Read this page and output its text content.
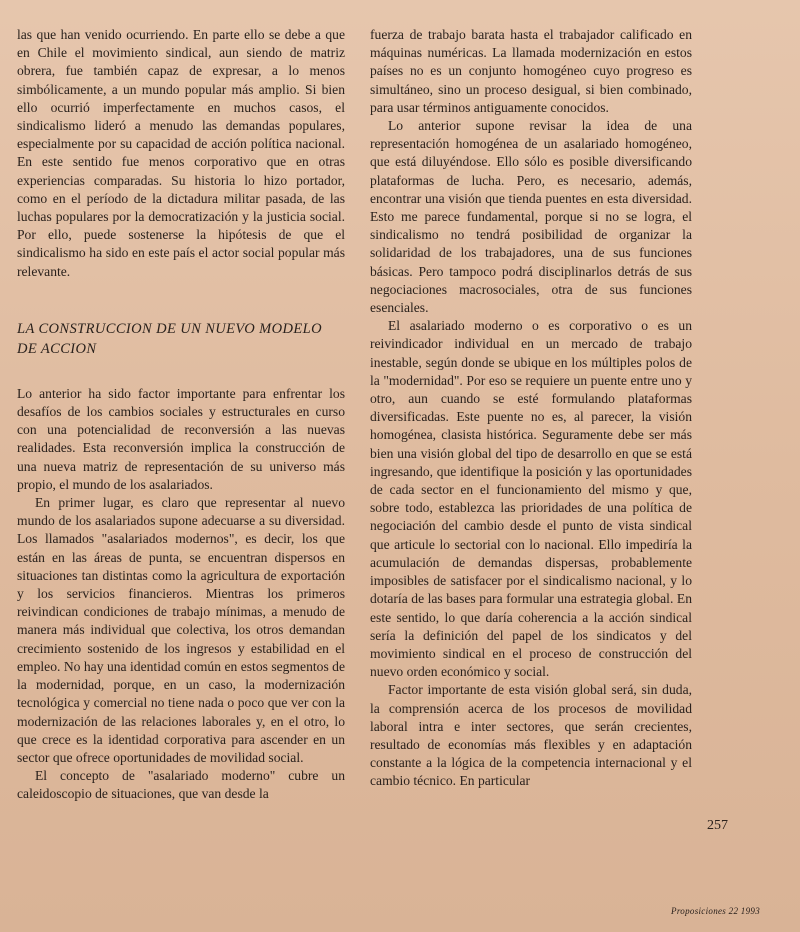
las que han venido ocurriendo. En parte ello se debe a que en Chile el movimiento sindical, aun siendo de matriz obrera, fue también capaz de expresar, a lo menos simbólicamente, a un mundo popular más amplio. Si bien ello ocurrió imperfectamente en muchos casos, el sindicalismo lideró a menudo las demandas populares, especialmente por su capacidad de acción política nacional. En este sentido fue menos corporativo que en otras experiencias comparadas. Su historia lo hizo portador, como en el período de la dictadura militar pasada, de las luchas populares por la democratización y la justicia social. Por ello, puede sostenerse la hipótesis de que el sindicalismo ha sido en este país el actor social popular más relevante.

LA CONSTRUCCION DE UN NUEVO MODELO DE ACCION

Lo anterior ha sido factor importante para enfrentar los desafíos de los cambios sociales y estructurales en curso con una potencialidad de reconversión a las nuevas realidades. Esta reconversión implica la construcción de una nueva matriz de representación de su universo más propio, el mundo de los asalariados.

En primer lugar, es claro que representar al nuevo mundo de los asalariados supone adecuarse a su diversidad. Los llamados "asalariados modernos", es decir, los que están en las áreas de punta, se encuentran dispersos en situaciones tan distintas como la agricultura de exportación y los servicios financieros. Mientras los primeros reivindican condiciones de trabajo mínimas, a menudo de manera más individual que colectiva, los otros demandan crecimiento sostenido de los ingresos y estabilidad en el empleo. No hay una identidad común en estos segmentos de la modernidad, porque, en un caso, la modernización tecnológica y comercial no tiene nada o poco que ver con la modernización de las relaciones laborales y, en el otro, lo que crece es la identidad corporativa para ascender en un sector que ofrece oportunidades de movilidad social.

El concepto de "asalariado moderno" cubre un caleidoscopio de situaciones, que van desde la

fuerza de trabajo barata hasta el trabajador calificado en máquinas numéricas. La llamada modernización en estos países no es un conjunto homogéneo cuyo progreso es simultáneo, sino un proceso desigual, si bien combinado, para usar términos antiguamente conocidos.

Lo anterior supone revisar la idea de una representación homogénea de un asalariado homogéneo, que está diluyéndose. Ello sólo es posible diversificando plataformas de lucha. Pero, es necesario, además, encontrar una visión que tienda puentes en esta diversidad. Esto me parece fundamental, porque si no se logra, el sindicalismo no tendrá posibilidad de organizar la solidaridad de los trabajadores, una de sus funciones básicas. Pero tampoco podrá disciplinarlos detrás de sus negociaciones macrosociales, otra de sus funciones esenciales.

El asalariado moderno o es corporativo o es un reivindicador individual en un mercado de trabajo inestable, según donde se ubique en los múltiples polos de la "modernidad". Por eso se requiere un puente entre uno y otro, aun cuando se esté formulando plataformas diversificadas. Este puente no es, al parecer, la visión homogénea, clasista histórica. Seguramente debe ser más bien una visión global del tipo de desarrollo en que se está ingresando, que identifique la posición y las oportunidades de cada sector en el funcionamiento del mismo y que, sobre todo, establezca las prioridades de una política de negociación del cambio desde el punto de vista sindical que articule lo sectorial con lo nacional. Ello impediría la acumulación de demandas dispersas, probablemente imposibles de satisfacer por el sindicalismo nacional, y lo dotaría de las bases para formular una estrategia global. En este sentido, lo que daría coherencia a la acción sindical sería la definición del papel de los sindicatos y del movimiento sindical en el proceso de construcción del nuevo orden económico y social.

Factor importante de esta visión global será, sin duda, la comprensión acerca de los procesos de movilidad laboral intra e inter sectores, que serán crecientes, resultado de economías más flexibles y en adaptación constante a la lógica de la competencia internacional y el cambio técnico. En particular

257
Proposiciones 22 1993
